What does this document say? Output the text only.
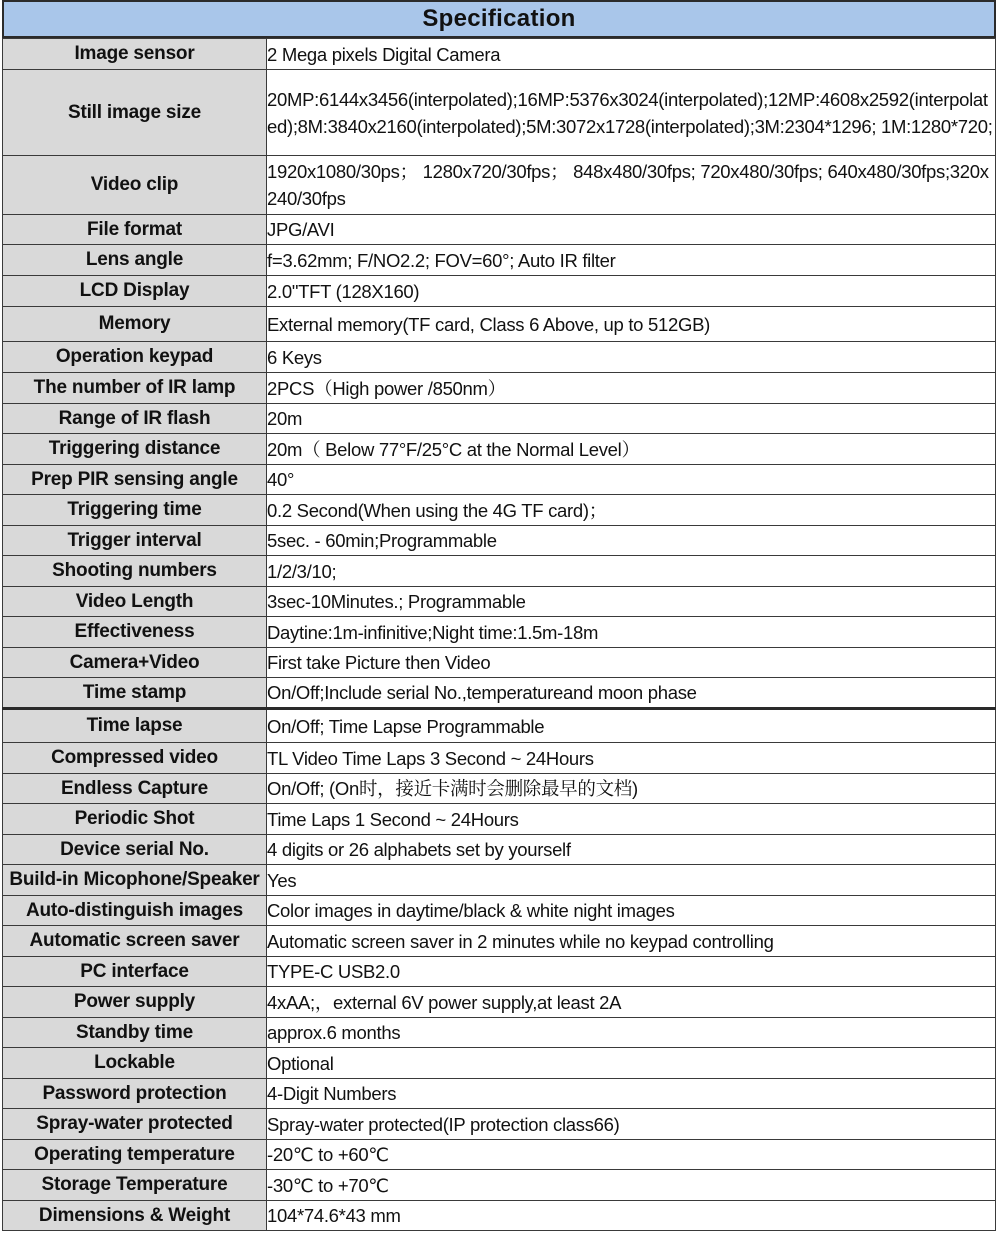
Specification
Image sensor	2 Mega pixels Digital Camera
Still image size	20MP:6144x3456(interpolated);16MP:5376x3024(interpolated);12MP:4608x2592(interpolated);8M:3840x2160(interpolated);5M:3072x1728(interpolated);3M:2304*1296; 1M:1280*720;
Video clip	1920x1080/30ps； 1280x720/30fps； 848x480/30fps; 720x480/30fps; 640x480/30fps;320x240/30fps
File format	JPG/AVI
Lens angle	f=3.62mm; F/NO2.2; FOV=60°; Auto IR filter
LCD Display	2.0"TFT (128X160)
Memory	External memory(TF card, Class 6 Above, up to 512GB)
Operation keypad	6 Keys
The number of IR lamp	2PCS（High power /850nm）
Range of IR flash	20m
Triggering distance	20m（ Below 77°F/25°C at the Normal Level）
Prep PIR sensing angle	40°
Triggering time	0.2 Second(When using the 4G TF card)；
Trigger interval	5sec. - 60min;Programmable
Shooting numbers	1/2/3/10;
Video Length	3sec-10Minutes.; Programmable
Effectiveness	Daytine:1m-infinitive;Night time:1.5m-18m
Camera+Video	First take Picture then Video
Time stamp	On/Off;Include serial No.,temperatureand moon phase
Time lapse	On/Off; Time Lapse Programmable
Compressed video	TL Video Time Laps 3 Second ~ 24Hours
Endless Capture	On/Off; (On时，接近卡满时会删除最早的文档)
Periodic Shot	Time Laps 1 Second ~ 24Hours
Device serial No.	4 digits or 26 alphabets set by yourself
Build-in Micophone/Speaker	Yes
Auto-distinguish images	Color images in daytime/black & white night images
Automatic screen saver	Automatic screen saver in 2 minutes while no keypad controlling
PC interface	TYPE-C USB2.0
Power supply	4xAA;，external 6V power supply,at least 2A
Standby time	approx.6 months
Lockable	Optional
Password protection	4-Digit Numbers
Spray-water protected	Spray-water protected(IP protection class66)
Operating temperature	-20℃ to +60℃
Storage Temperature	-30℃ to +70℃
Dimensions & Weight	104*74.6*43 mm
